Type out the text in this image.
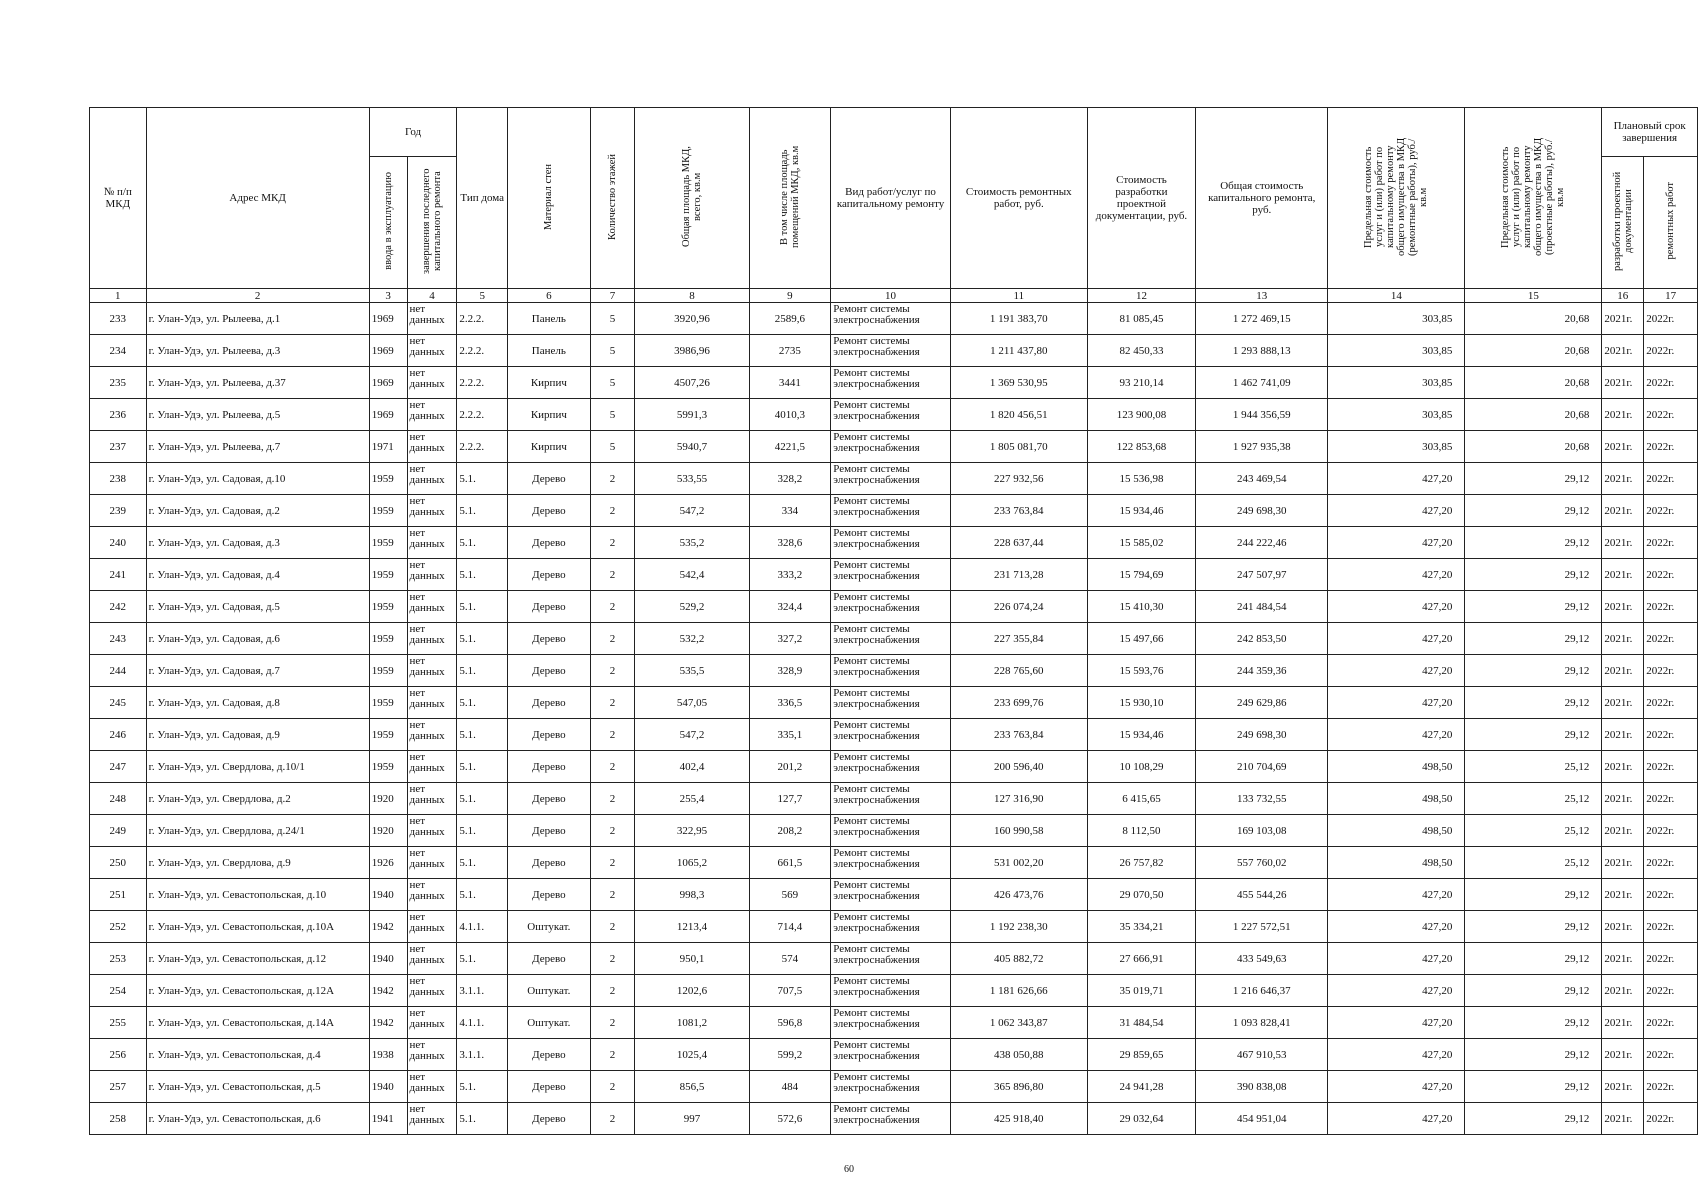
№ п/п МКД	Адрес МКД	Год		Тип дома	Материал стен	Количество этажей	Общая площадь МКД, всего, кв.м	В том числе площадь помещений МКД, кв.м	Вид работ/услуг по капитальному ремонту	Стоимость ремонтных работ, руб.	Стоимость разработки проектной документации, руб.	Общая стоимость капитального ремонта, руб.	Предельная стоимость услуг и (или) работ по капитальному ремонту общего имущества в МКД (ремонтные работы), руб./кв.м	Предельная стоимость услуг и (или) работ по капитальному ремонту общего имущества в МКД (проектные работы), руб./кв.м	Плановый срок завершения	
		ввода в эксплуатацию	завершения последнего капитального ремонта												разработки проектной документации	ремонтных работ
1	2	3	4	5	6	7	8	9	10	11	12	13	14	15	16	17
233	г. Улан-Удэ, ул. Рылеева, д.1	1969	нет данных	2.2.2.	Панель	5	3920,96	2589,6	Ремонт системы электроснабжения	1 191 383,70	81 085,45	1 272 469,15	303,85	20,68	2021г.	2022г.
234	г. Улан-Удэ, ул. Рылеева, д.3	1969	нет данных	2.2.2.	Панель	5	3986,96	2735	Ремонт системы электроснабжения	1 211 437,80	82 450,33	1 293 888,13	303,85	20,68	2021г.	2022г.
235	г. Улан-Удэ, ул. Рылеева, д.37	1969	нет данных	2.2.2.	Кирпич	5	4507,26	3441	Ремонт системы электроснабжения	1 369 530,95	93 210,14	1 462 741,09	303,85	20,68	2021г.	2022г.
236	г. Улан-Удэ, ул. Рылеева, д.5	1969	нет данных	2.2.2.	Кирпич	5	5991,3	4010,3	Ремонт системы электроснабжения	1 820 456,51	123 900,08	1 944 356,59	303,85	20,68	2021г.	2022г.
237	г. Улан-Удэ, ул. Рылеева, д.7	1971	нет данных	2.2.2.	Кирпич	5	5940,7	4221,5	Ремонт системы электроснабжения	1 805 081,70	122 853,68	1 927 935,38	303,85	20,68	2021г.	2022г.
238	г. Улан-Удэ, ул. Садовая, д.10	1959	нет данных	5.1.	Дерево	2	533,55	328,2	Ремонт системы электроснабжения	227 932,56	15 536,98	243 469,54	427,20	29,12	2021г.	2022г.
239	г. Улан-Удэ, ул. Садовая, д.2	1959	нет данных	5.1.	Дерево	2	547,2	334	Ремонт системы электроснабжения	233 763,84	15 934,46	249 698,30	427,20	29,12	2021г.	2022г.
240	г. Улан-Удэ, ул. Садовая, д.3	1959	нет данных	5.1.	Дерево	2	535,2	328,6	Ремонт системы электроснабжения	228 637,44	15 585,02	244 222,46	427,20	29,12	2021г.	2022г.
241	г. Улан-Удэ, ул. Садовая, д.4	1959	нет данных	5.1.	Дерево	2	542,4	333,2	Ремонт системы электроснабжения	231 713,28	15 794,69	247 507,97	427,20	29,12	2021г.	2022г.
242	г. Улан-Удэ, ул. Садовая, д.5	1959	нет данных	5.1.	Дерево	2	529,2	324,4	Ремонт системы электроснабжения	226 074,24	15 410,30	241 484,54	427,20	29,12	2021г.	2022г.
243	г. Улан-Удэ, ул. Садовая, д.6	1959	нет данных	5.1.	Дерево	2	532,2	327,2	Ремонт системы электроснабжения	227 355,84	15 497,66	242 853,50	427,20	29,12	2021г.	2022г.
244	г. Улан-Удэ, ул. Садовая, д.7	1959	нет данных	5.1.	Дерево	2	535,5	328,9	Ремонт системы электроснабжения	228 765,60	15 593,76	244 359,36	427,20	29,12	2021г.	2022г.
245	г. Улан-Удэ, ул. Садовая, д.8	1959	нет данных	5.1.	Дерево	2	547,05	336,5	Ремонт системы электроснабжения	233 699,76	15 930,10	249 629,86	427,20	29,12	2021г.	2022г.
246	г. Улан-Удэ, ул. Садовая, д.9	1959	нет данных	5.1.	Дерево	2	547,2	335,1	Ремонт системы электроснабжения	233 763,84	15 934,46	249 698,30	427,20	29,12	2021г.	2022г.
247	г. Улан-Удэ, ул. Свердлова, д.10/1	1959	нет данных	5.1.	Дерево	2	402,4	201,2	Ремонт системы электроснабжения	200 596,40	10 108,29	210 704,69	498,50	25,12	2021г.	2022г.
248	г. Улан-Удэ, ул. Свердлова, д.2	1920	нет данных	5.1.	Дерево	2	255,4	127,7	Ремонт системы электроснабжения	127 316,90	6 415,65	133 732,55	498,50	25,12	2021г.	2022г.
249	г. Улан-Удэ, ул. Свердлова, д.24/1	1920	нет данных	5.1.	Дерево	2	322,95	208,2	Ремонт системы электроснабжения	160 990,58	8 112,50	169 103,08	498,50	25,12	2021г.	2022г.
250	г. Улан-Удэ, ул. Свердлова, д.9	1926	нет данных	5.1.	Дерево	2	1065,2	661,5	Ремонт системы электроснабжения	531 002,20	26 757,82	557 760,02	498,50	25,12	2021г.	2022г.
251	г. Улан-Удэ, ул. Севастопольская, д.10	1940	нет данных	5.1.	Дерево	2	998,3	569	Ремонт системы электроснабжения	426 473,76	29 070,50	455 544,26	427,20	29,12	2021г.	2022г.
252	г. Улан-Удэ, ул. Севастопольская, д.10А	1942	нет данных	4.1.1.	Оштукат.	2	1213,4	714,4	Ремонт системы электроснабжения	1 192 238,30	35 334,21	1 227 572,51	427,20	29,12	2021г.	2022г.
253	г. Улан-Удэ, ул. Севастопольская, д.12	1940	нет данных	5.1.	Дерево	2	950,1	574	Ремонт системы электроснабжения	405 882,72	27 666,91	433 549,63	427,20	29,12	2021г.	2022г.
254	г. Улан-Удэ, ул. Севастопольская, д.12А	1942	нет данных	3.1.1.	Оштукат.	2	1202,6	707,5	Ремонт системы электроснабжения	1 181 626,66	35 019,71	1 216 646,37	427,20	29,12	2021г.	2022г.
255	г. Улан-Удэ, ул. Севастопольская, д.14А	1942	нет данных	4.1.1.	Оштукат.	2	1081,2	596,8	Ремонт системы электроснабжения	1 062 343,87	31 484,54	1 093 828,41	427,20	29,12	2021г.	2022г.
256	г. Улан-Удэ, ул. Севастопольская, д.4	1938	нет данных	3.1.1.	Дерево	2	1025,4	599,2	Ремонт системы электроснабжения	438 050,88	29 859,65	467 910,53	427,20	29,12	2021г.	2022г.
257	г. Улан-Удэ, ул. Севастопольская, д.5	1940	нет данных	5.1.	Дерево	2	856,5	484	Ремонт системы электроснабжения	365 896,80	24 941,28	390 838,08	427,20	29,12	2021г.	2022г.
258	г. Улан-Удэ, ул. Севастопольская, д.6	1941	нет данных	5.1.	Дерево	2	997	572,6	Ремонт системы электроснабжения	425 918,40	29 032,64	454 951,04	427,20	29,12	2021г.	2022г.
60
